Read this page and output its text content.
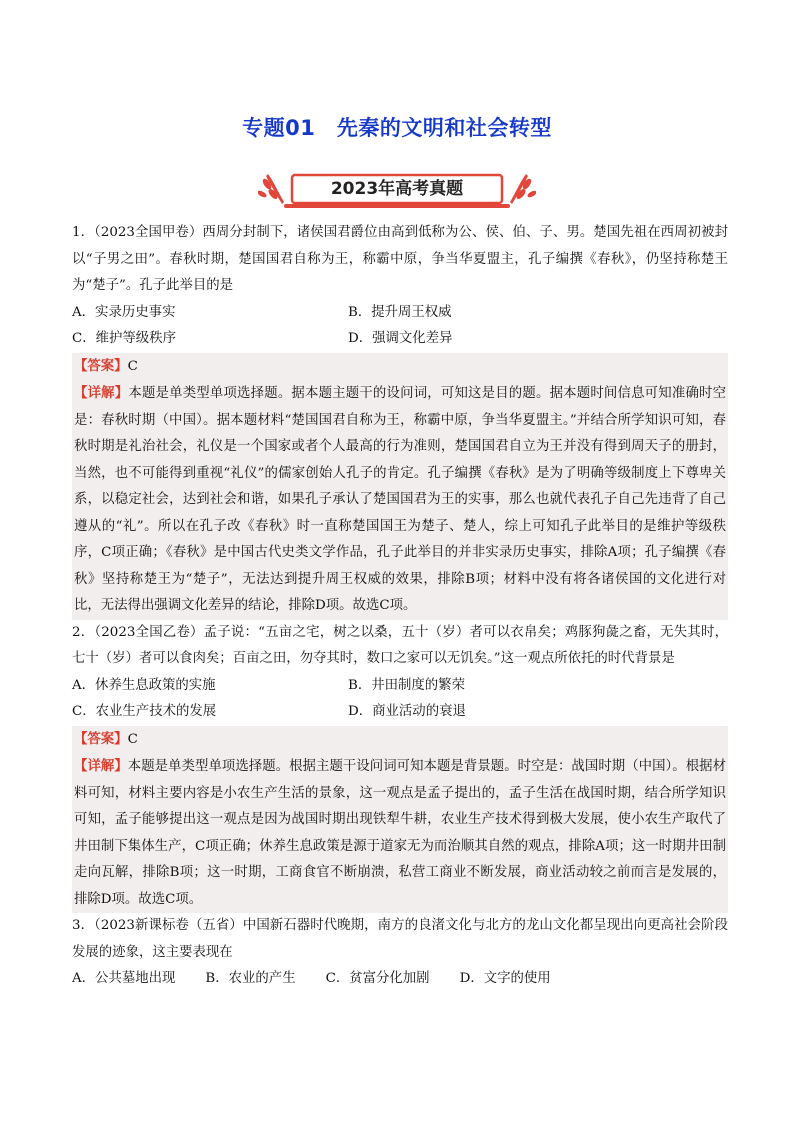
专题01　先秦的文明和社会转型
2023年高考真题

1．（2023全国甲卷）西周分封制下，诸侯国君爵位由高到低称为公、侯、伯、子、男。楚国先祖在西周初被封以“子男之田”。春秋时期，楚国国君自称为王，称霸中原，争当华夏盟主，孔子编撰《春秋》，仍坚持称楚王为“楚子”。孔子此举目的是

A．实录历史事实	B．提升周王权威
C．维护等级秩序	D．强调文化差异

【答案】C

【详解】本题是单类型单项选择题。据本题主题干的设问词，可知这是目的题。据本题时间信息可知准确时空是：春秋时期（中国）。据本题材料“楚国国君自称为王，称霸中原，争当华夏盟主。”并结合所学知识可知，春秋时期是礼治社会，礼仪是一个国家或者个人最高的行为准则，楚国国君自立为王并没有得到周天子的册封，当然，也不可能得到重视“礼仪”的儒家创始人孔子的肯定。孔子编撰《春秋》是为了明确等级制度上下尊卑关系，以稳定社会，达到社会和谐，如果孔子承认了楚国国君为王的实事，那么也就代表孔子自己先违背了自己遵从的“礼”。所以在孔子改《春秋》时一直称楚国国王为楚子、楚人，综上可知孔子此举目的是维护等级秩序，C项正确；《春秋》是中国古代史类文学作品，孔子此举目的并非实录历史事实，排除A项；孔子编撰《春秋》坚持称楚王为“楚子”，无法达到提升周王权威的效果，排除B项；材料中没有将各诸侯国的文化进行对比，无法得出强调文化差异的结论，排除D项。故选C项。

2．（2023全国乙卷）孟子说：“五亩之宅，树之以桑，五十（岁）者可以衣帛矣；鸡豚狗彘之畜，无失其时，七十（岁）者可以食肉矣；百亩之田，勿夺其时，数口之家可以无饥矣。”这一观点所依托的时代背景是

A．休养生息政策的实施	B．井田制度的繁荣
C．农业生产技术的发展	D．商业活动的衰退

【答案】C

【详解】本题是单类型单项选择题。根据主题干设问词可知本题是背景题。时空是：战国时期（中国）。根据材料可知，材料主要内容是小农生产生活的景象，这一观点是孟子提出的，孟子生活在战国时期，结合所学知识可知，孟子能够提出这一观点是因为战国时期出现铁犁牛耕，农业生产技术得到极大发展，使小农生产取代了井田制下集体生产，C项正确；休养生息政策是源于道家无为而治顺其自然的观点，排除A项；这一时期井田制走向瓦解，排除B项；这一时期，工商食官不断崩溃，私营工商业不断发展，商业活动较之前而言是发展的，排除D项。故选C项。

3．（2023新课标卷（五省）中国新石器时代晚期，南方的良渚文化与北方的龙山文化都呈现出向更高社会阶段发展的迹象，这主要表现在

A．公共墓地出现 B．农业的产生 C．贫富分化加剧 D．文字的使用
